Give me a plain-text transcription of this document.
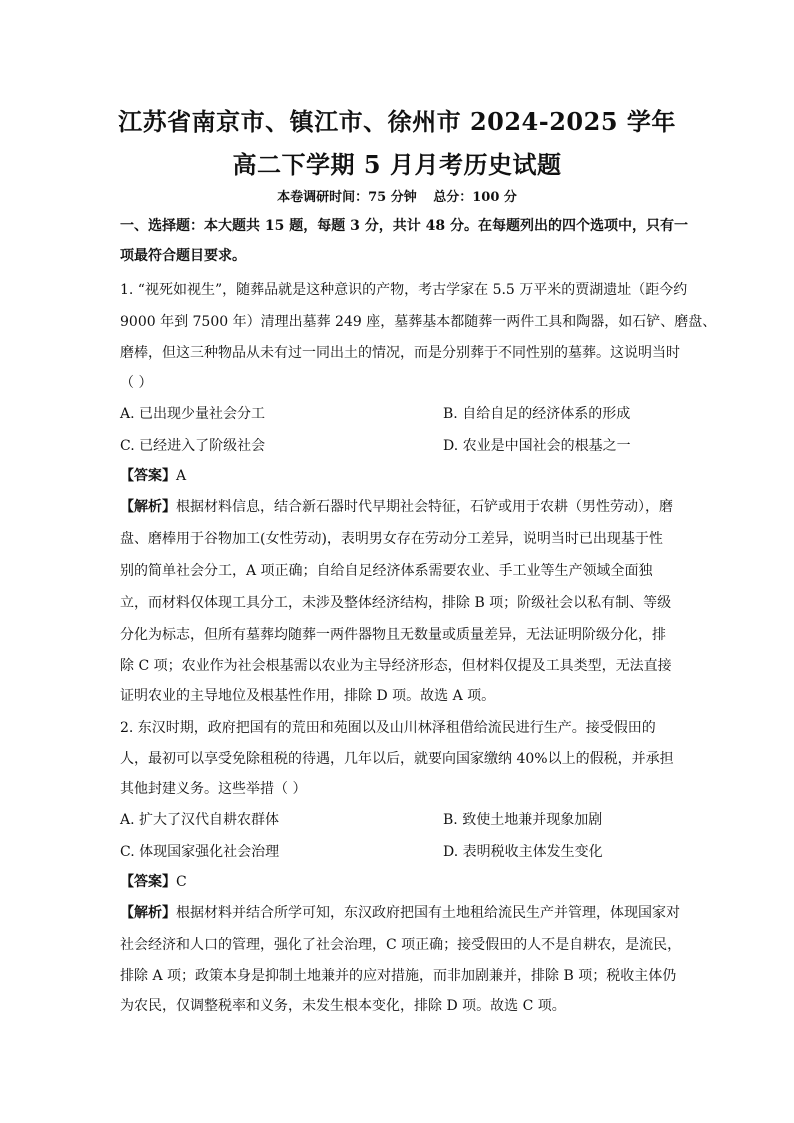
江苏省南京市、镇江市、徐州市 2024-2025 学年
高二下学期 5 月月考历史试题
本卷调研时间：75 分钟 总分：100 分

一、选择题：本大题共 15 题，每题 3 分，共计 48 分。在每题列出的四个选项中，只有一

项最符合题目要求。

1. “视死如视生”，随葬品就是这种意识的产物，考古学家在 5.5 万平米的贾湖遗址（距今约

9000 年到 7500 年）清理出墓葬 249 座，墓葬基本都随葬一两件工具和陶器，如石铲、磨盘、

磨棒，但这三种物品从未有过一同出土的情况，而是分别葬于不同性别的墓葬。这说明当时

（ ）

A. 已出现少量社会分工	B. 自给自足的经济体系的形成
C. 已经进入了阶级社会	D. 农业是中国社会的根基之一

【答案】A

【解析】根据材料信息，结合新石器时代早期社会特征，石铲或用于农耕（男性劳动），磨

盘、磨棒用于谷物加工(女性劳动)，表明男女存在劳动分工差异，说明当时已出现基于性

别的简单社会分工，A 项正确；自给自足经济体系需要农业、手工业等生产领域全面独

立，而材料仅体现工具分工，未涉及整体经济结构，排除 B 项；阶级社会以私有制、等级

分化为标志，但所有墓葬均随葬一两件器物且无数量或质量差异，无法证明阶级分化，排

除 C 项；农业作为社会根基需以农业为主导经济形态，但材料仅提及工具类型，无法直接

证明农业的主导地位及根基性作用，排除 D 项。故选 A 项。

2. 东汉时期，政府把国有的荒田和苑囿以及山川林泽租借给流民进行生产。接受假田的

人，最初可以享受免除租税的待遇，几年以后，就要向国家缴纳 40%以上的假税，并承担

其他封建义务。这些举措（ ）

A. 扩大了汉代自耕农群体	B. 致使土地兼并现象加剧
C. 体现国家强化社会治理	D. 表明税收主体发生变化

【答案】C

【解析】根据材料并结合所学可知，东汉政府把国有土地租给流民生产并管理，体现国家对

社会经济和人口的管理，强化了社会治理，C 项正确；接受假田的人不是自耕农，是流民，

排除 A 项；政策本身是抑制土地兼并的应对措施，而非加剧兼并，排除 B 项；税收主体仍

为农民，仅调整税率和义务，未发生根本变化，排除 D 项。故选 C 项。
